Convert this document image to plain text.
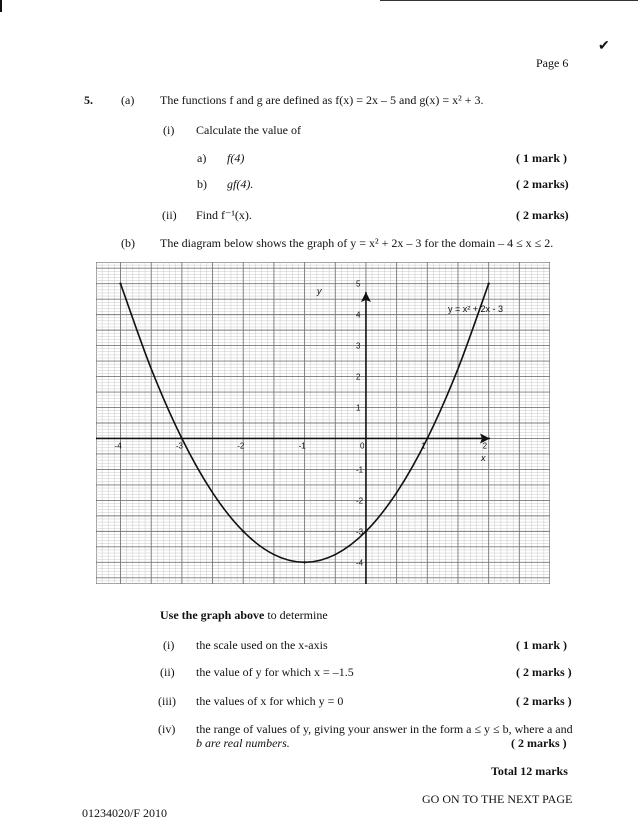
✔
Page 6
5. (a) The functions f and g are defined as f(x) = 2x – 5 and g(x) = x² + 3.
(i) Calculate the value of
a) f(4)	( 1 mark )
b) gf(4).	( 2 marks)
(ii) Find f⁻¹(x).	( 2 marks)
(b) The diagram below shows the graph of y = x² + 2x – 3 for the domain – 4 ≤ x ≤ 2.
-4	-3	-2	-1	0	1	2
5
4
3
2
1
-1
-2
-3
-4
y = x² + 2x - 3
x
y
Use the graph above to determine
(i) the scale used on the x-axis	( 1 mark )
(ii) the value of y for which x = –1.5	( 2 marks )
(iii) the values of x for which y = 0	( 2 marks )
(iv) the range of values of y, giving your answer in the form a ≤ y ≤ b, where a and
b are real numbers.	( 2 marks )
Total 12 marks
GO ON TO THE NEXT PAGE
01234020/F 2010
